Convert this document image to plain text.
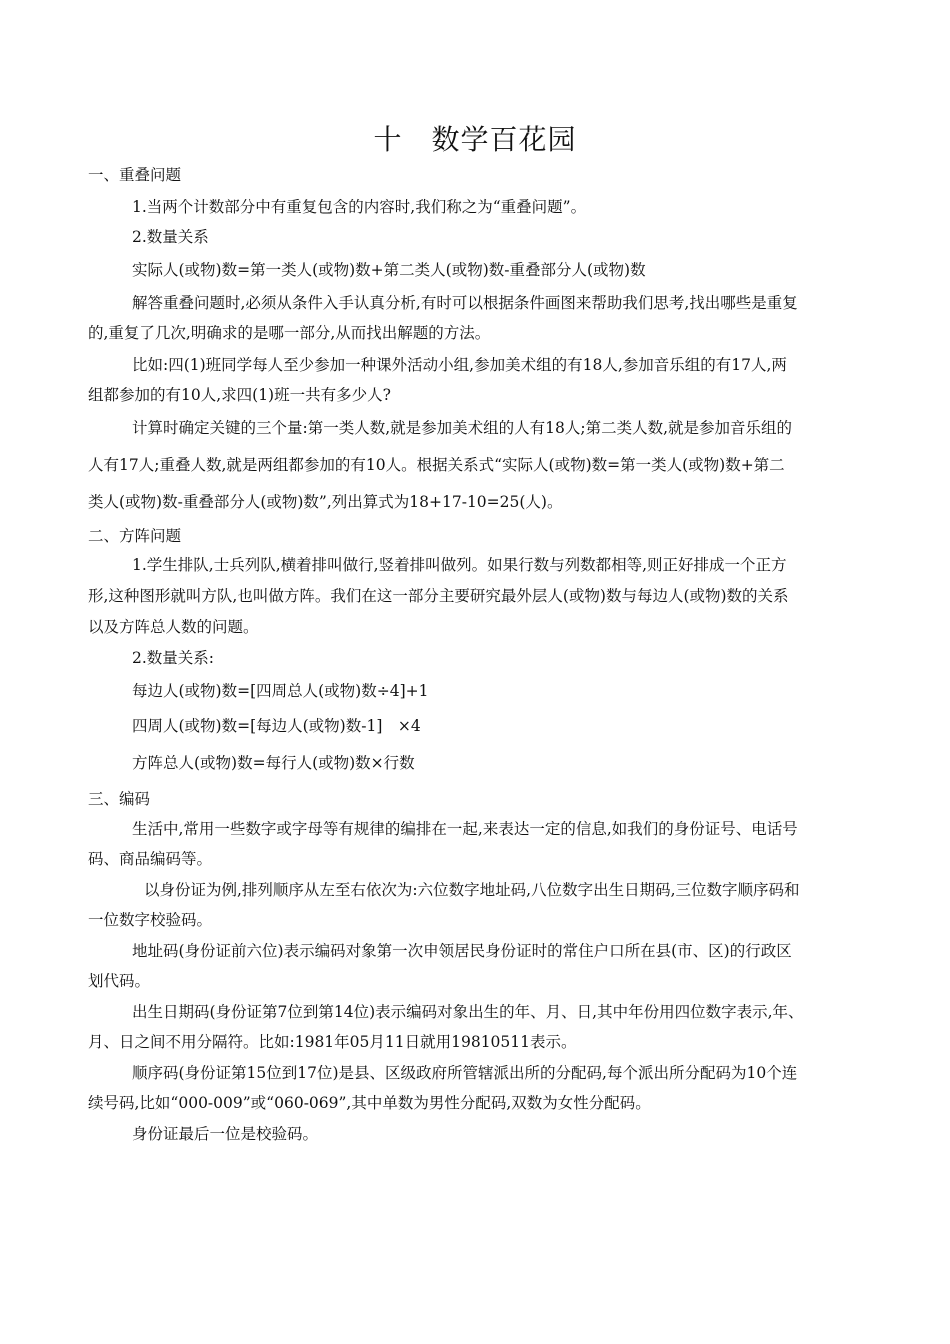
十　数学百花园
一、重叠问题
1.当两个计数部分中有重复包含的内容时,我们称之为“重叠问题”。
2.数量关系
实际人(或物)数=第一类人(或物)数+第二类人(或物)数-重叠部分人(或物)数
解答重叠问题时,必须从条件入手认真分析,有时可以根据条件画图来帮助我们思考,找出哪些是重复
的,重复了几次,明确求的是哪一部分,从而找出解题的方法。
比如:四(1)班同学每人至少参加一种课外活动小组,参加美术组的有18人,参加音乐组的有17人,两
组都参加的有10人,求四(1)班一共有多少人?
计算时确定关键的三个量:第一类人数,就是参加美术组的人有18人;第二类人数,就是参加音乐组的
人有17人;重叠人数,就是两组都参加的有10人。根据关系式“实际人(或物)数=第一类人(或物)数+第二
类人(或物)数-重叠部分人(或物)数”,列出算式为18+17-10=25(人)。
二、方阵问题
1.学生排队,士兵列队,横着排叫做行,竖着排叫做列。如果行数与列数都相等,则正好排成一个正方
形,这种图形就叫方队,也叫做方阵。我们在这一部分主要研究最外层人(或物)数与每边人(或物)数的关系
以及方阵总人数的问题。
2.数量关系:
每边人(或物)数=[四周总人(或物)数÷4]+1
四周人(或物)数=[每边人(或物)数-1]　×4
方阵总人(或物)数=每行人(或物)数×行数
三、编码
生活中,常用一些数字或字母等有规律的编排在一起,来表达一定的信息,如我们的身份证号、电话号
码、商品编码等。
以身份证为例,排列顺序从左至右依次为:六位数字地址码,八位数字出生日期码,三位数字顺序码和
一位数字校验码。
地址码(身份证前六位)表示编码对象第一次申领居民身份证时的常住户口所在县(市、区)的行政区
划代码。
出生日期码(身份证第7位到第14位)表示编码对象出生的年、月、日,其中年份用四位数字表示,年、
月、日之间不用分隔符。比如:1981年05月11日就用19810511表示。
顺序码(身份证第15位到17位)是县、区级政府所管辖派出所的分配码,每个派出所分配码为10个连
续号码,比如“000-009”或“060-069”,其中单数为男性分配码,双数为女性分配码。
身份证最后一位是校验码。
